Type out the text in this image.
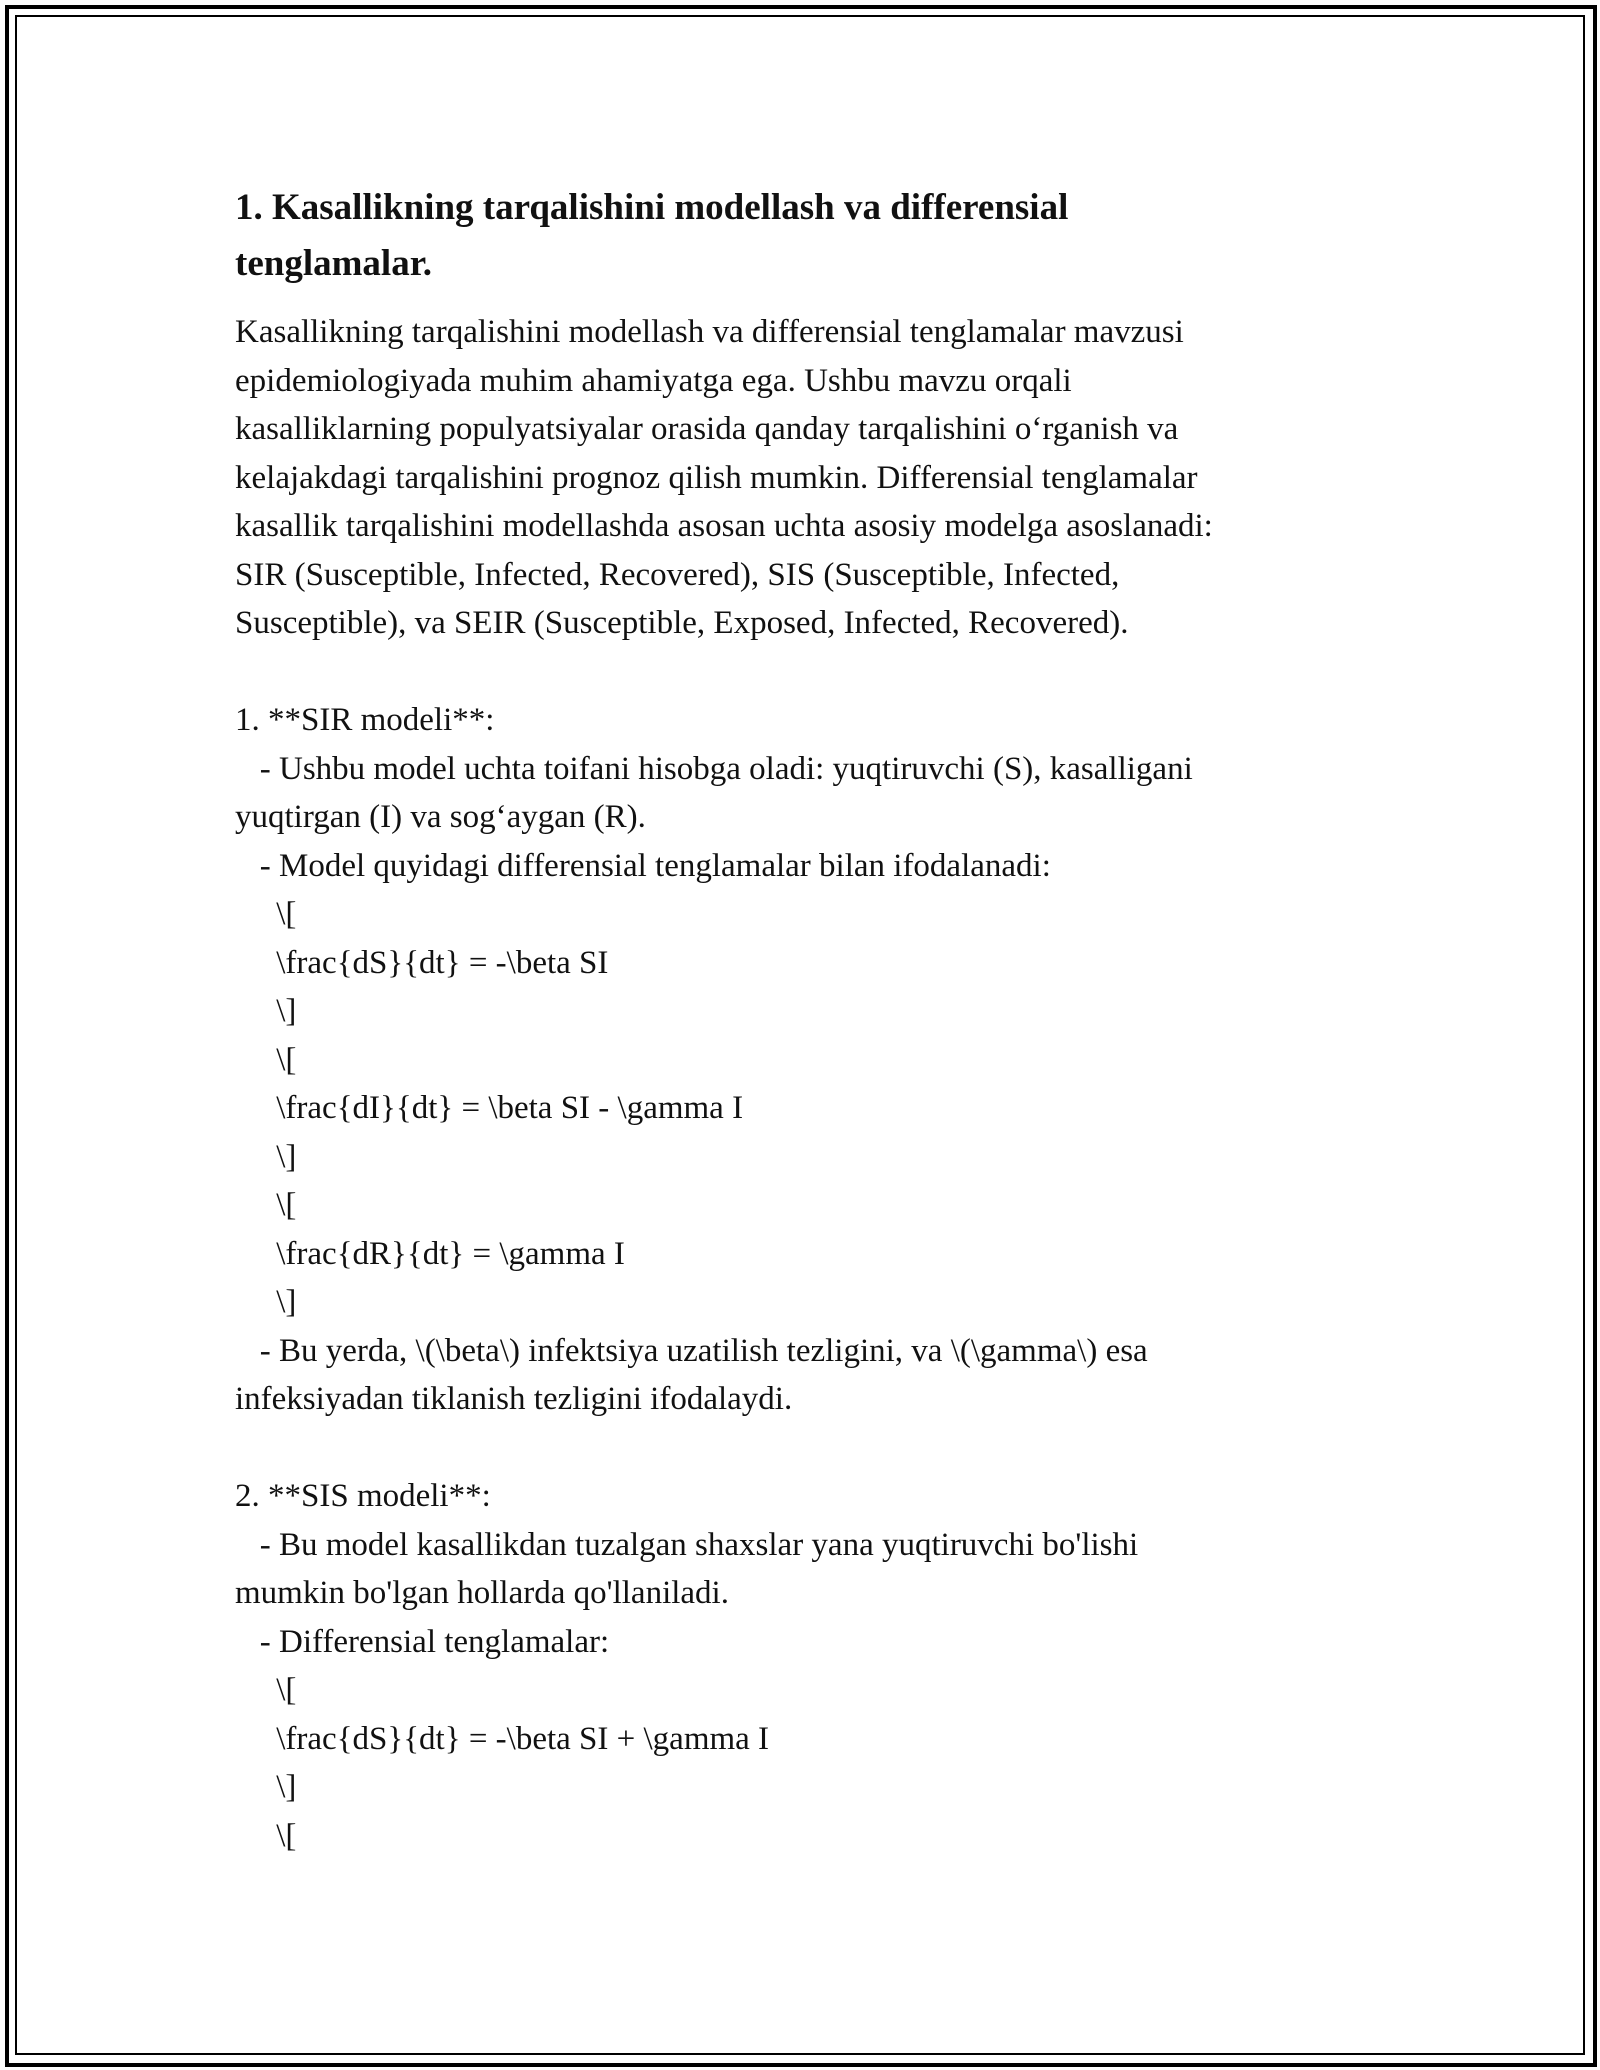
1. Kasallikning tarqalishini modellash va differensial
tenglamalar.
Kasallikning tarqalishini modellash va differensial tenglamalar mavzusi
epidemiologiyada muhim ahamiyatga ega. Ushbu mavzu orqali
kasalliklarning populyatsiyalar orasida qanday tarqalishini o‘rganish va
kelajakdagi tarqalishini prognoz qilish mumkin. Differensial tenglamalar
kasallik tarqalishini modellashda asosan uchta asosiy modelga asoslanadi:
SIR (Susceptible, Infected, Recovered), SIS (Susceptible, Infected,
Susceptible), va SEIR (Susceptible, Exposed, Infected, Recovered).
1. **SIR modeli**:
- Ushbu model uchta toifani hisobga oladi: yuqtiruvchi (S), kasalligani
yuqtirgan (I) va sog‘aygan (R).
- Model quyidagi differensial tenglamalar bilan ifodalanadi:
\[
\frac{dS}{dt} = -\beta SI
\]
\[
\frac{dI}{dt} = \beta SI - \gamma I
\]
\[
\frac{dR}{dt} = \gamma I
\]
- Bu yerda, \(\beta\) infektsiya uzatilish tezligini, va \(\gamma\) esa
infeksiyadan tiklanish tezligini ifodalaydi.
2. **SIS modeli**:
- Bu model kasallikdan tuzalgan shaxslar yana yuqtiruvchi bo'lishi
mumkin bo'lgan hollarda qo'llaniladi.
- Differensial tenglamalar:
\[
\frac{dS}{dt} = -\beta SI + \gamma I
\]
\[
